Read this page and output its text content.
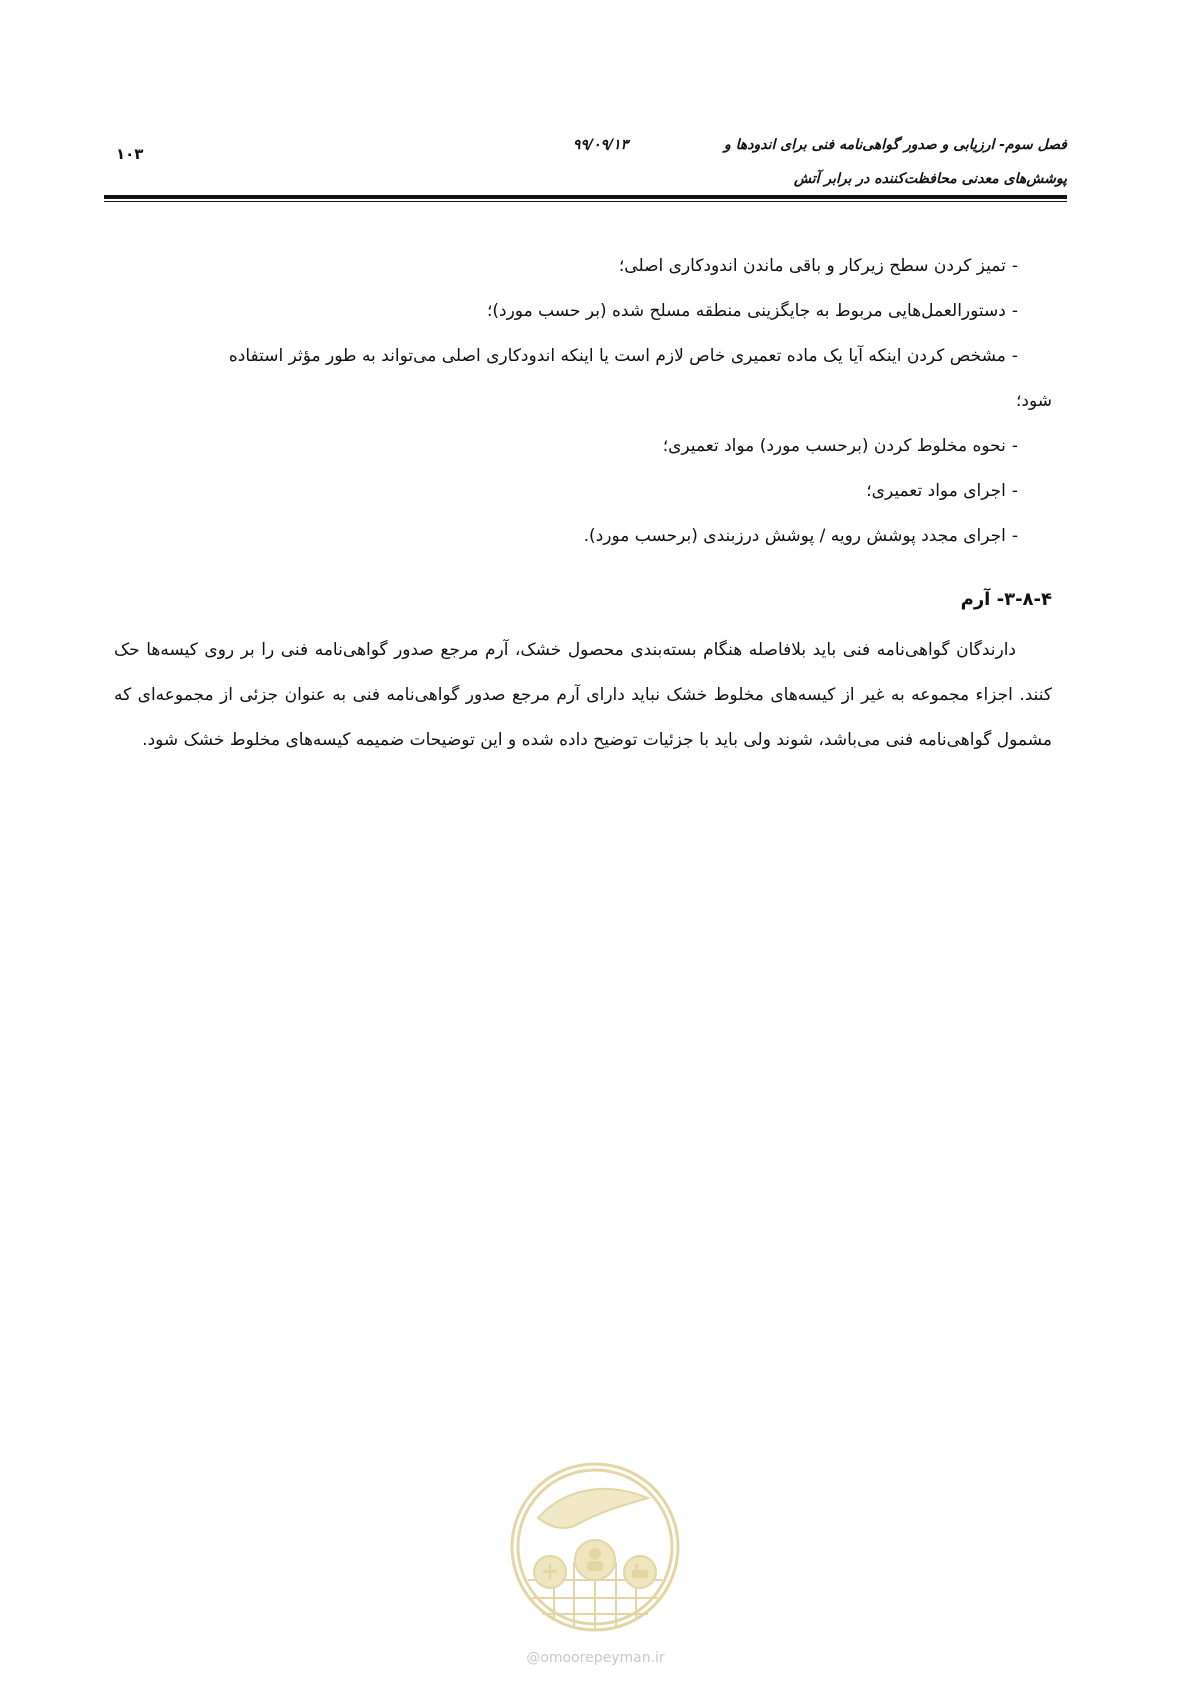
فصل سوم- ارزیابی و صدور گواهی‌نامه فنی برای اندودها و
پوشش‌های معدنی محافظت‌کننده در برابر آتش
۹۹/۰۹/۱۳
۱۰۳
-تمیز کردن سطح زیرکار و باقی ماندن اندودکاری اصلی؛
-دستورالعمل‌هایی مربوط به جایگزینی منطقه مسلح شده (بر حسب مورد)؛
-مشخص کردن اینکه آیا یک ماده تعمیری خاص لازم است یا اینکه اندودکاری اصلی می‌تواند به طور مؤثر استفاده
شود؛
-نحوه مخلوط کردن (برحسب مورد) مواد تعمیری؛
-اجرای مواد تعمیری؛
-اجرای مجدد پوشش رویه / پوشش درزبندی (برحسب مورد).
۳-۸-۴- آرم

دارندگان گواهی‌نامه فنی باید بلافاصله هنگام بسته‌بندی محصول خشک، آرم مرجع صدور گواهی‌نامه فنی را بر روی کیسه‌ها حک کنند. اجزاء مجموعه به غیر از کیسه‌های مخلوط خشک نباید دارای آرم مرجع صدور گواهی‌نامه فنی به عنوان جزئی از مجموعه‌ای که مشمول گواهی‌نامه فنی می‌باشد، شوند ولی باید با جزئیات توضیح داده شده و این توضیحات ضمیمه کیسه‌های مخلوط خشک شود.

@omoorepeyman.ir
